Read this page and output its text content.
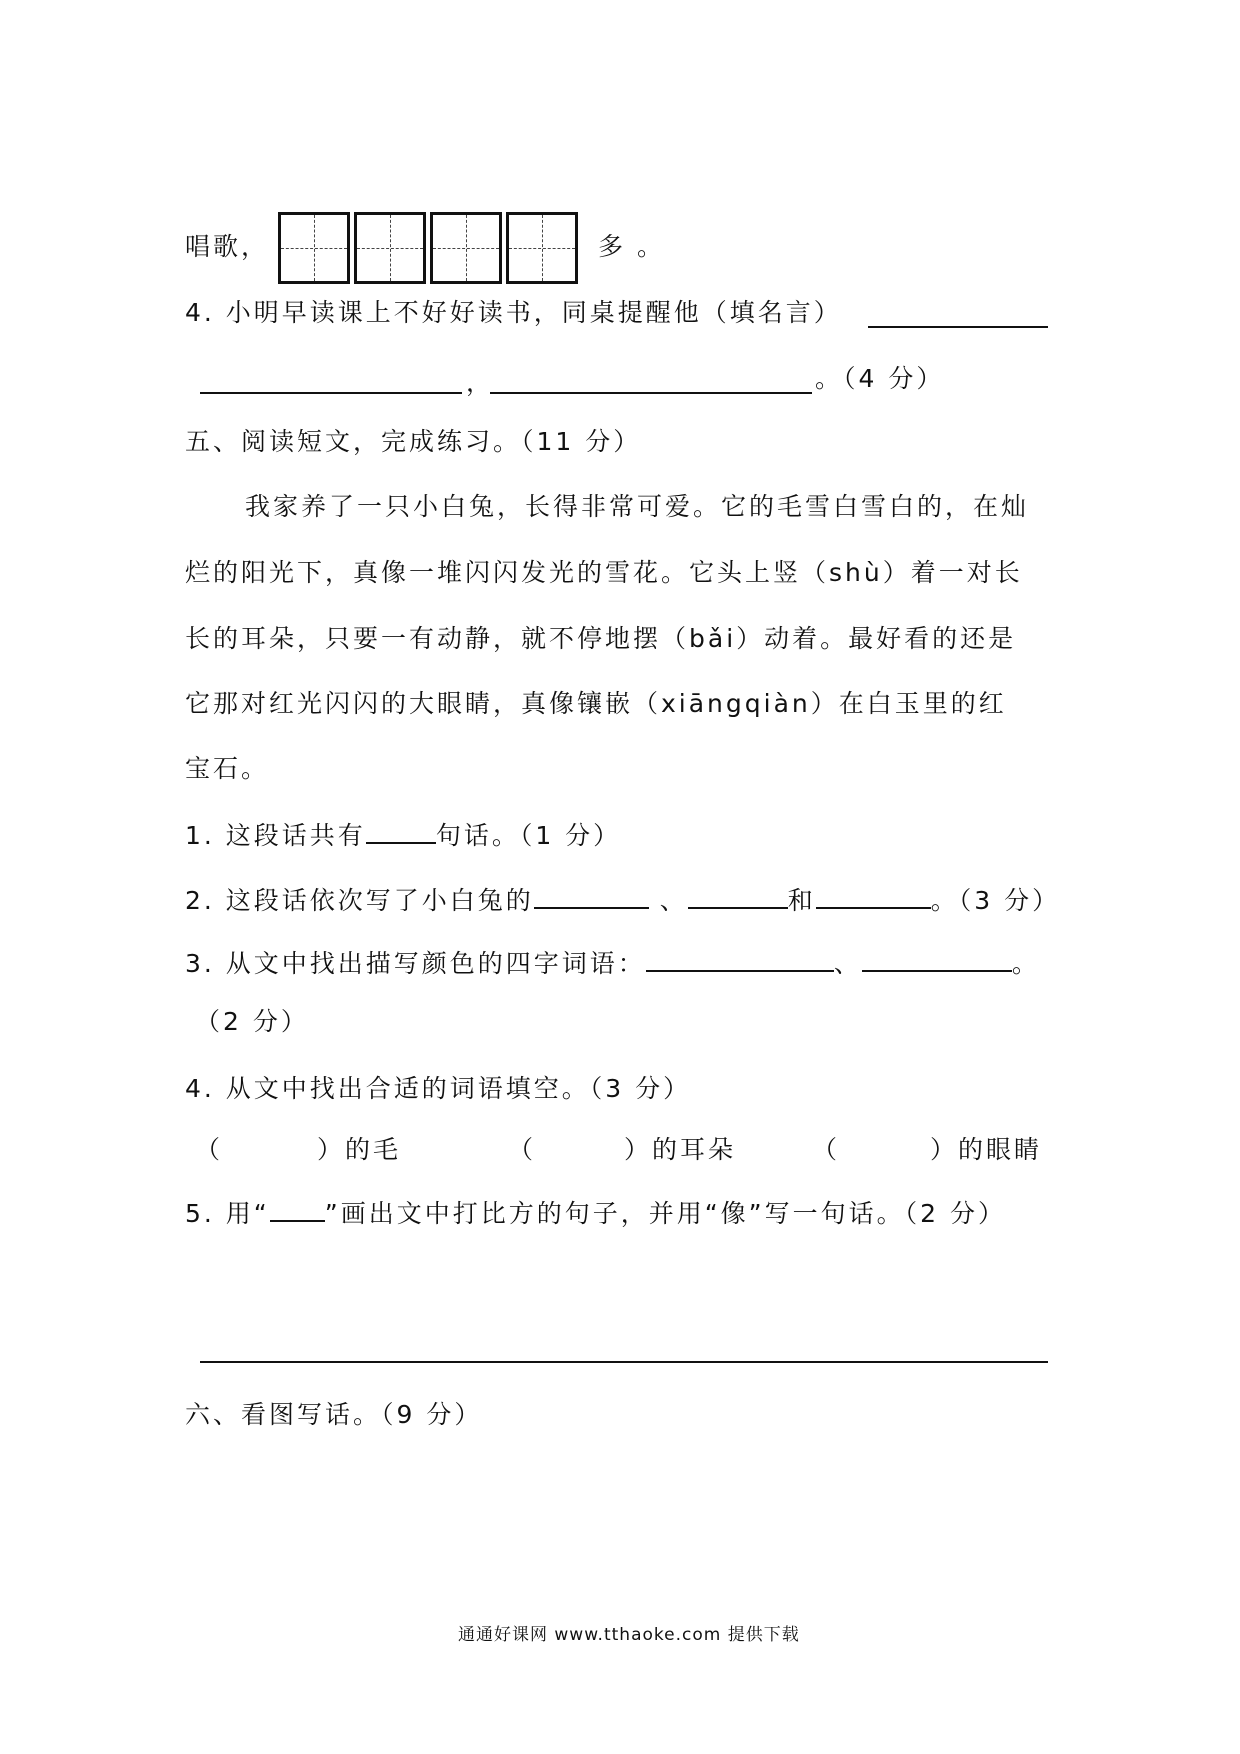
唱歌，	多 。
4. 小明早读课上不好好读书，同桌提醒他（填名言）
，	。（4 分）
五、阅读短文，完成练习。（11 分）
我家养了一只小白兔，长得非常可爱。它的毛雪白雪白的，在灿
烂的阳光下，真像一堆闪闪发光的雪花。它头上竖（shù）着一对长
长的耳朵，只要一有动静，就不停地摆（bǎi）动着。最好看的还是
它那对红光闪闪的大眼睛，真像镶嵌（xiāngqiàn）在白玉里的红
宝石。
1. 这段话共有	句话。（1 分）
2. 这段话依次写了小白兔的	、	和	。（3 分）
3. 从文中找出描写颜色的四字词语：	、	。
（2 分）
4. 从文中找出合适的词语填空。（3 分）
（	）的毛	（	）的耳朵	（	）的眼睛
5. 用“ ”画出文中打比方的句子，并用“像”写一句话。（2 分）
六、看图写话。（9 分）
通通好课网 www.tthaoke.com 提供下载
